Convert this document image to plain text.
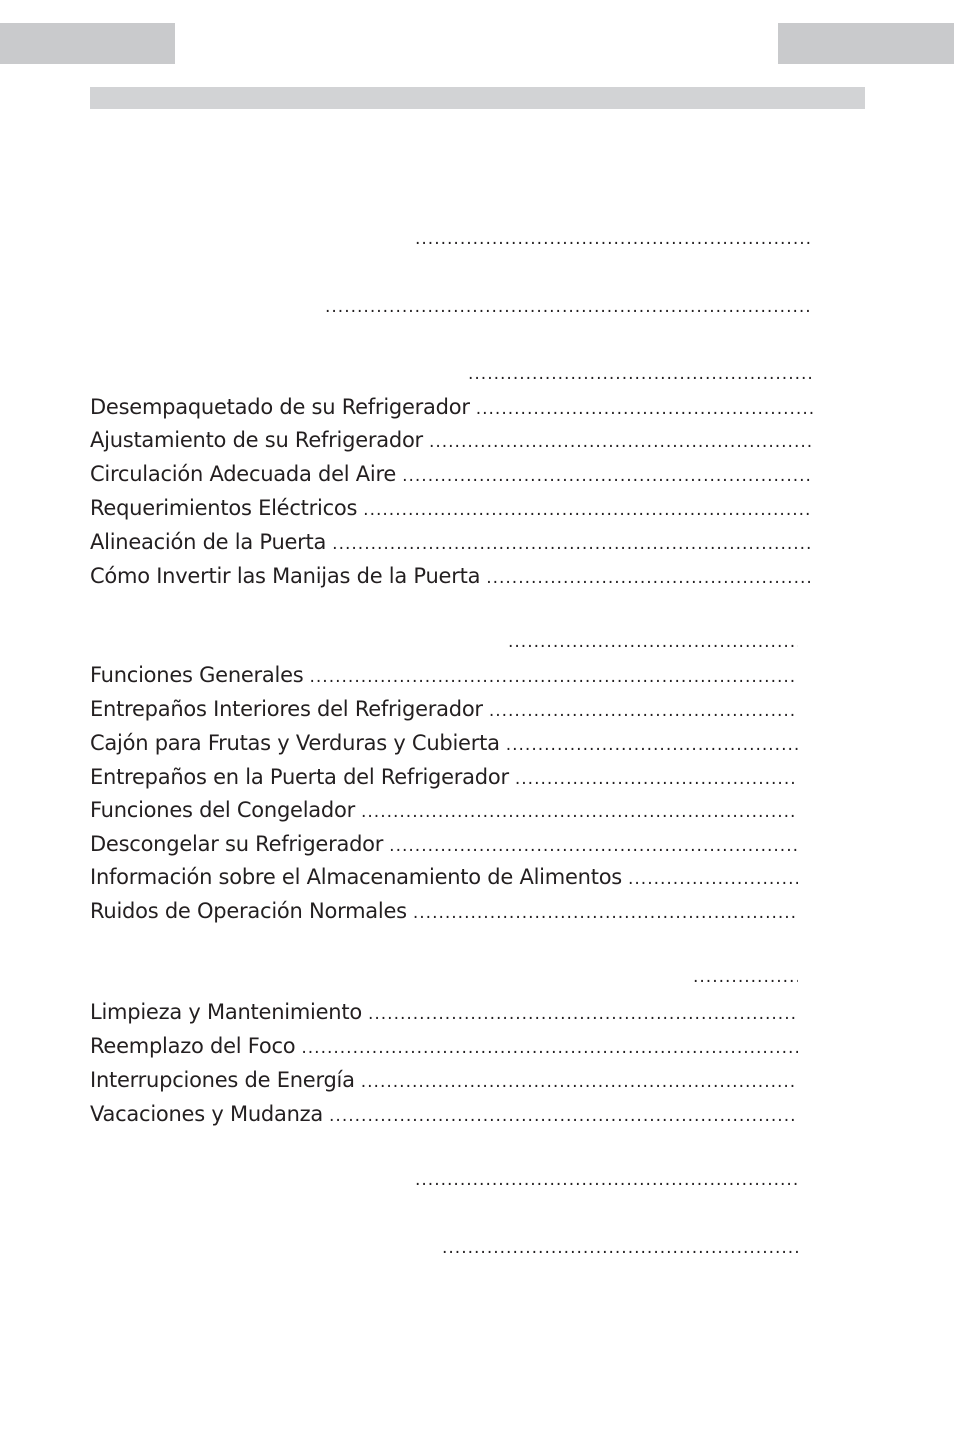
.....
.....
.....
Desempaquetado de su Refrigerador
.....
Ajustamiento de su Refrigerador
.....
Circulación Adecuada del Aire
.....
Requerimientos Eléctricos
.....
Alineación de la Puerta
.....
Cómo Invertir las Manijas de la Puerta
.....
.....
Funciones Generales
.....
Entrepaños Interiores del Refrigerador
.....
Cajón para Frutas y Verduras y Cubierta
.....
Entrepaños en la Puerta del Refrigerador
.....
Funciones del Congelador
.....
Descongelar su Refrigerador
.....
Información sobre el Almacenamiento de Alimentos
.....
Ruidos de Operación Normales
.....
.....
Limpieza y Mantenimiento
.....
Reemplazo del Foco
.....
Interrupciones de Energía
.....
Vacaciones y Mudanza
.....
.....
.....
